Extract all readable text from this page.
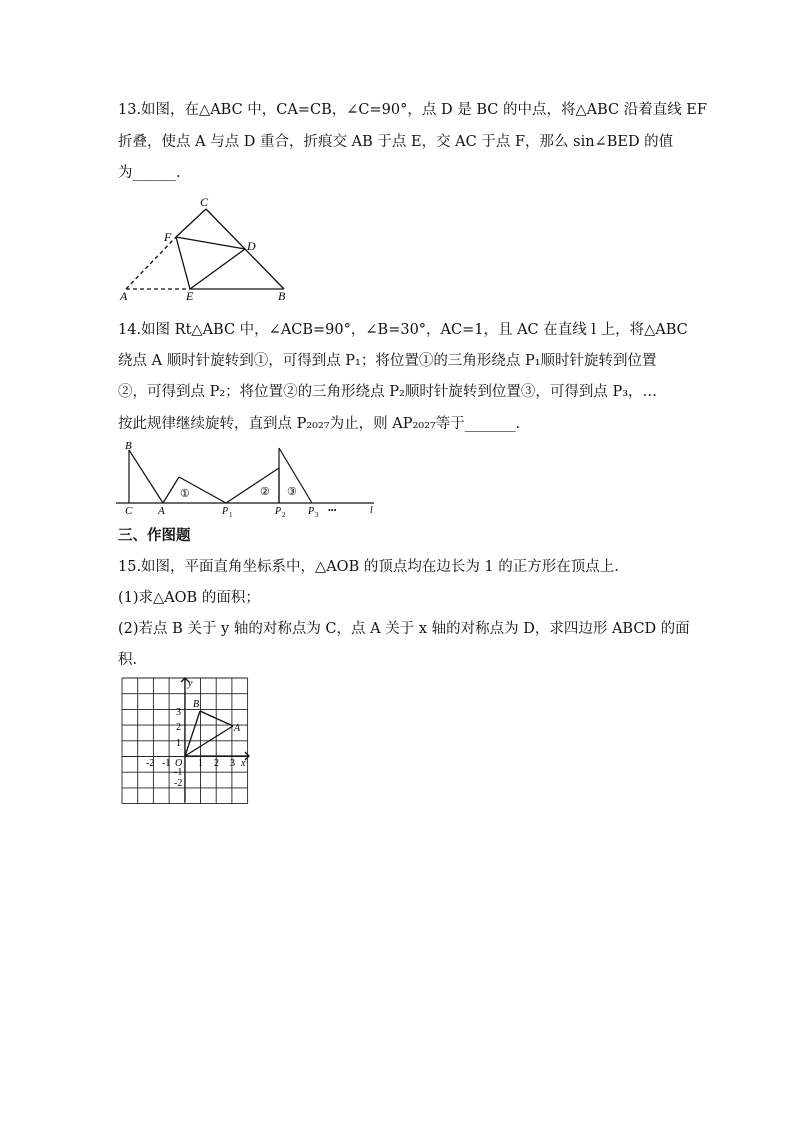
13.如图，在△ABC 中，CA=CB，∠C=90°，点 D 是 BC 的中点，将△ABC 沿着直线 EF
折叠，使点 A 与点 D 重合，折痕交 AB 于点 E，交 AC 于点 F，那么 sin∠BED 的值
为______.
C
F
D
A	E	B
14.如图 Rt△ABC 中，∠ACB=90°，∠B=30°，AC=1，且 AC 在直线 l 上，将△ABC
绕点 A 顺时针旋转到①，可得到点 P₁；将位置①的三角形绕点 P₁顺时针旋转到位置
②，可得到点 P₂；将位置②的三角形绕点 P₂顺时针旋转到位置③，可得到点 P₃，…
按此规律继续旋转，直到点 P₂₀₂₇为止，则 AP₂₀₂₇等于_______.
B
C A	P 1	P 2 P 3
①	② ③
•••	l
三、作图题
15.如图，平面直角坐标系中，△AOB 的顶点均在边长为 1 的正方形在顶点上.
(1)求△AOB 的面积；
(2)若点 B 关于 y 轴的对称点为 C，点 A 关于 x 轴的对称点为 D，求四边形 ABCD 的面
积.
y
x
O
A
B
3
2
1
-2 -1	1 2 3
-1
-2
